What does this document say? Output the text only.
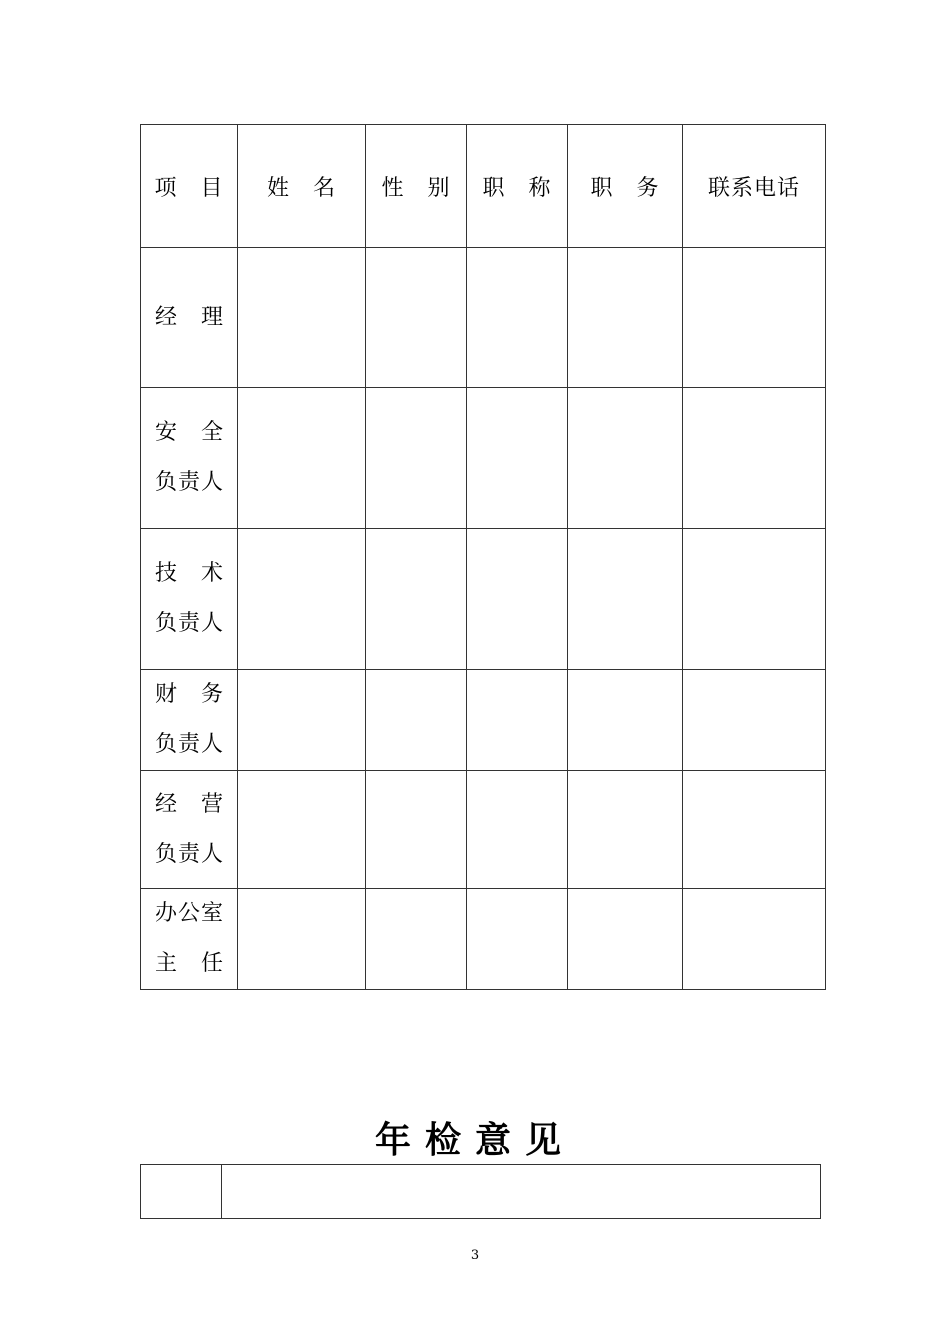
项　目	姓　名	性　别	职　称	职　务	联系电话

经　理					

安　全
负责人					

技　术
负责人					

财　务
负责人					

经　营
负责人					

办公室
主　任					

年检意见

3
